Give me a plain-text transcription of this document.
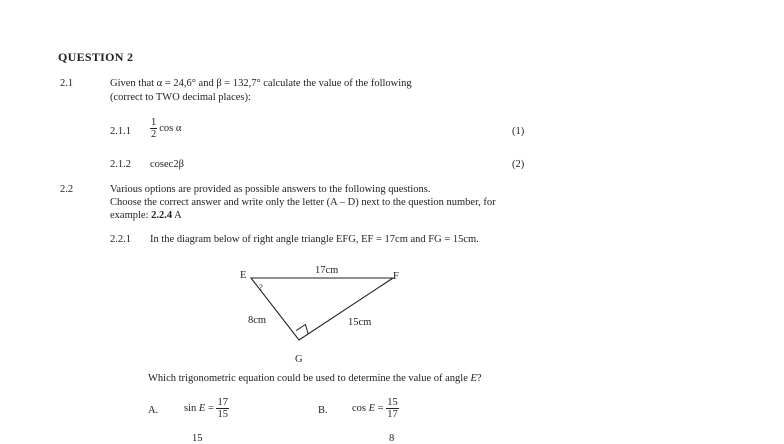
QUESTION 2
2.1	Given that α = 24,6° and β = 132,7° calculate the value of the following
(correct to TWO decimal places):
$2.1.1 \frac{1}{2}$ cos α	(1)
2.1.2 cosec2β	(2)
2.2	Various options are provided as possible answers to the following questions.
Choose the correct answer and write only the letter (A – D) next to the question number, for
example: 2.2.4 A
2.2.1 In the diagram below of right angle triangle EFG, EF = 17cm and FG = 15cm.
E	F
G
?
17cm
8cm	15cm
Which trigonometric equation could be used to determine the value of angle E?
A. $\sin E = \frac{17}{15}$	B. $\cos E = \frac{15}{17}$
15	8
